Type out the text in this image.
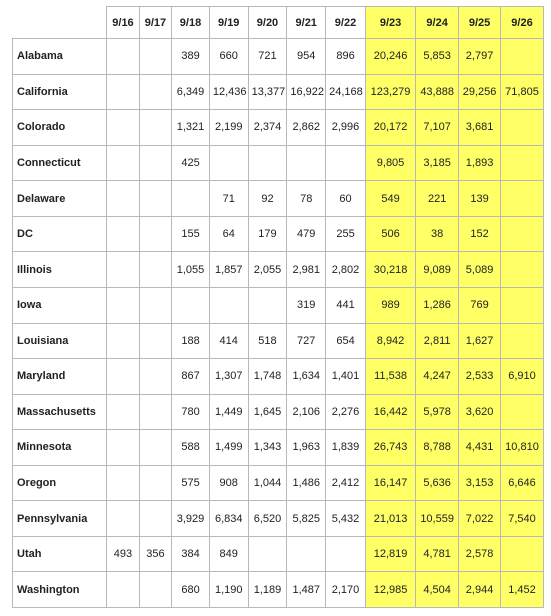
	9/16	9/17	9/18	9/19	9/20	9/21	9/22	9/23	9/24	9/25	9/26
Alabama			389	660	721	954	896	20,246	5,853	2,797	
California			6,349	12,436	13,377	16,922	24,168	123,279	43,888	29,256	71,805
Colorado			1,321	2,199	2,374	2,862	2,996	20,172	7,107	3,681	
Connecticut			425					9,805	3,185	1,893	
Delaware				71	92	78	60	549	221	139	
DC			155	64	179	479	255	506	38	152	
Illinois			1,055	1,857	2,055	2,981	2,802	30,218	9,089	5,089	
Iowa						319	441	989	1,286	769	
Louisiana			188	414	518	727	654	8,942	2,811	1,627	
Maryland			867	1,307	1,748	1,634	1,401	11,538	4,247	2,533	6,910
Massachusetts			780	1,449	1,645	2,106	2,276	16,442	5,978	3,620	
Minnesota			588	1,499	1,343	1,963	1,839	26,743	8,788	4,431	10,810
Oregon			575	908	1,044	1,486	2,412	16,147	5,636	3,153	6,646
Pennsylvania			3,929	6,834	6,520	5,825	5,432	21,013	10,559	7,022	7,540
Utah	493	356	384	849				12,819	4,781	2,578	
Washington			680	1,190	1,189	1,487	2,170	12,985	4,504	2,944	1,452
